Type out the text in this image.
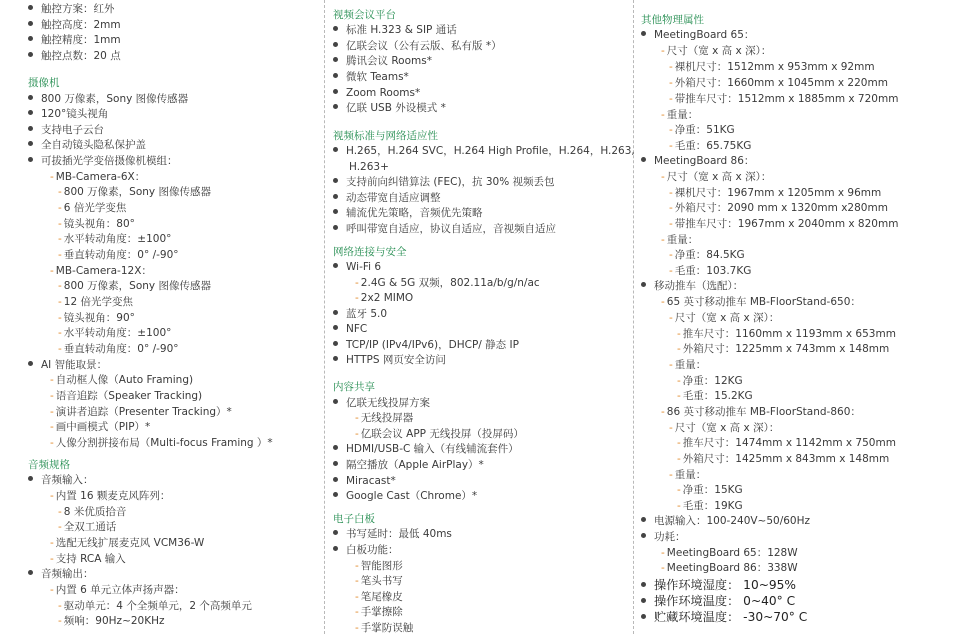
触控方案：红外
触控高度：2mm
触控精度：1mm
触控点数：20 点
摄像机
800 万像素，Sony 图像传感器
120°镜头视角
支持电子云台
全自动镜头隐私保护盖
可拔插光学变倍摄像机模组：
- MB-Camera-6X：
- 800 万像素，Sony 图像传感器
- 6 倍光学变焦
- 镜头视角：80°
- 水平转动角度：±100°
- 垂直转动角度：0° /-90°
- MB-Camera-12X：
- 800 万像素，Sony 图像传感器
- 12 倍光学变焦
- 镜头视角：90°
- 水平转动角度：±100°
- 垂直转动角度：0° /-90°
AI 智能取景：
- 自动框人像（Auto Framing)
- 语音追踪（Speaker Tracking)
- 演讲者追踪（Presenter Tracking）*
- 画中画模式（PIP）*
- 人像分割拼接布局（Multi-focus Framing ）*
音频规格
音频输入：
- 内置 16 颗麦克风阵列：
- 8 米优质拾音
- 全双工通话
- 选配无线扩展麦克风 VCM36-W
- 支持 RCA 输入
音频输出：
- 内置 6 单元立体声扬声器：
- 驱动单元：4 个全频单元，2 个高频单元
- 频响：90Hz~20KHz
视频会议平台
标准 H.323 & SIP 通话
亿联会议（公有云版、私有版 *）
腾讯会议 Rooms*
微软 Teams*
Zoom Rooms*
亿联 USB 外设模式 *
视频标准与网络适应性
H.265，H.264 SVC，H.264 High Profile，H.264，H.263,
H.263+
支持前向纠错算法 (FEC)，抗 30% 视频丢包
动态带宽自适应调整
辅流优先策略，音频优先策略
呼叫带宽自适应，协议自适应，音视频自适应
网络连接与安全
Wi-Fi 6
- 2.4G & 5G 双频，802.11a/b/g/n/ac
- 2x2 MIMO
蓝牙 5.0
NFC
TCP/IP (IPv4/IPv6)，DHCP/ 静态 IP
HTTPS 网页安全访问
内容共享
亿联无线投屏方案
- 无线投屏器
- 亿联会议 APP 无线投屏（投屏码）
HDMI/USB-C 输入（有线辅流套件）
隔空播放（Apple AirPlay）*
Miracast*
Google Cast（Chrome）*
电子白板
书写延时：最低 40ms
白板功能：
- 智能图形
- 笔头书写
- 笔尾橡皮
- 手掌擦除
- 手掌防误触
其他物理属性
MeetingBoard 65：
- 尺寸（宽 x 高 x 深）：
- 裸机尺寸：1512mm x 953mm x 92mm
- 外箱尺寸：1660mm x 1045mm x 220mm
- 带推车尺寸：1512mm x 1885mm x 720mm
- 重量：
- 净重：51KG
- 毛重：65.75KG
MeetingBoard 86：
- 尺寸（宽 x 高 x 深）：
- 裸机尺寸：1967mm x 1205mm x 96mm
- 外箱尺寸：2090 mm x 1320mm x280mm
- 带推车尺寸：1967mm x 2040mm x 820mm
- 重量：
- 净重：84.5KG
- 毛重：103.7KG
移动推车（选配）：
- 65 英寸移动推车 MB-FloorStand-650：
- 尺寸（宽 x 高 x 深）：
- 推车尺寸：1160mm x 1193mm x 653mm
- 外箱尺寸：1225mm x 743mm x 148mm
- 重量：
- 净重：12KG
- 毛重：15.2KG
- 86 英寸移动推车 MB-FloorStand-860：
- 尺寸（宽 x 高 x 深）：
- 推车尺寸：1474mm x 1142mm x 750mm
- 外箱尺寸：1425mm x 843mm x 148mm
- 重量：
- 净重：15KG
- 毛重：19KG
电源输入：100-240V~50/60Hz
功耗：
- MeetingBoard 65：128W
- MeetingBoard 86：338W
操作环境湿度： 10~95%
操作环境温度： 0~40° C
贮藏环境温度： -30~70° C
